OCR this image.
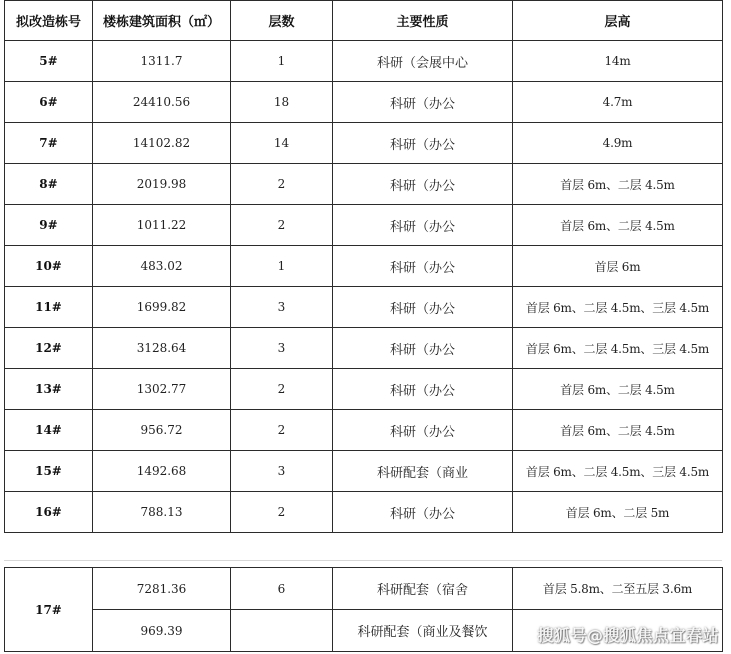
拟改造栋号	楼栋建筑面积（㎡）	层数	主要性质	层高
5#	1311.7	1	科研（会展中心	14m
6#	24410.56	18	科研（办公	4.7m
7#	14102.82	14	科研（办公	4.9m
8#	2019.98	2	科研（办公	首层 6m、二层 4.5m
9#	1011.22	2	科研（办公	首层 6m、二层 4.5m
10#	483.02	1	科研（办公	首层 6m
11#	1699.82	3	科研（办公	首层 6m、二层 4.5m、三层 4.5m
12#	3128.64	3	科研（办公	首层 6m、二层 4.5m、三层 4.5m
13#	1302.77	2	科研（办公	首层 6m、二层 4.5m
14#	956.72	2	科研（办公	首层 6m、二层 4.5m
15#	1492.68	3	科研配套（商业	首层 6m、二层 4.5m、三层 4.5m
16#	788.13	2	科研（办公	首层 6m、二层 5m
17#	7281.36	6	科研配套（宿舍	首层 5.8m、二至五层 3.6m
	969.39		科研配套（商业及餐饮		搜狐号@搜狐焦点宜春站
